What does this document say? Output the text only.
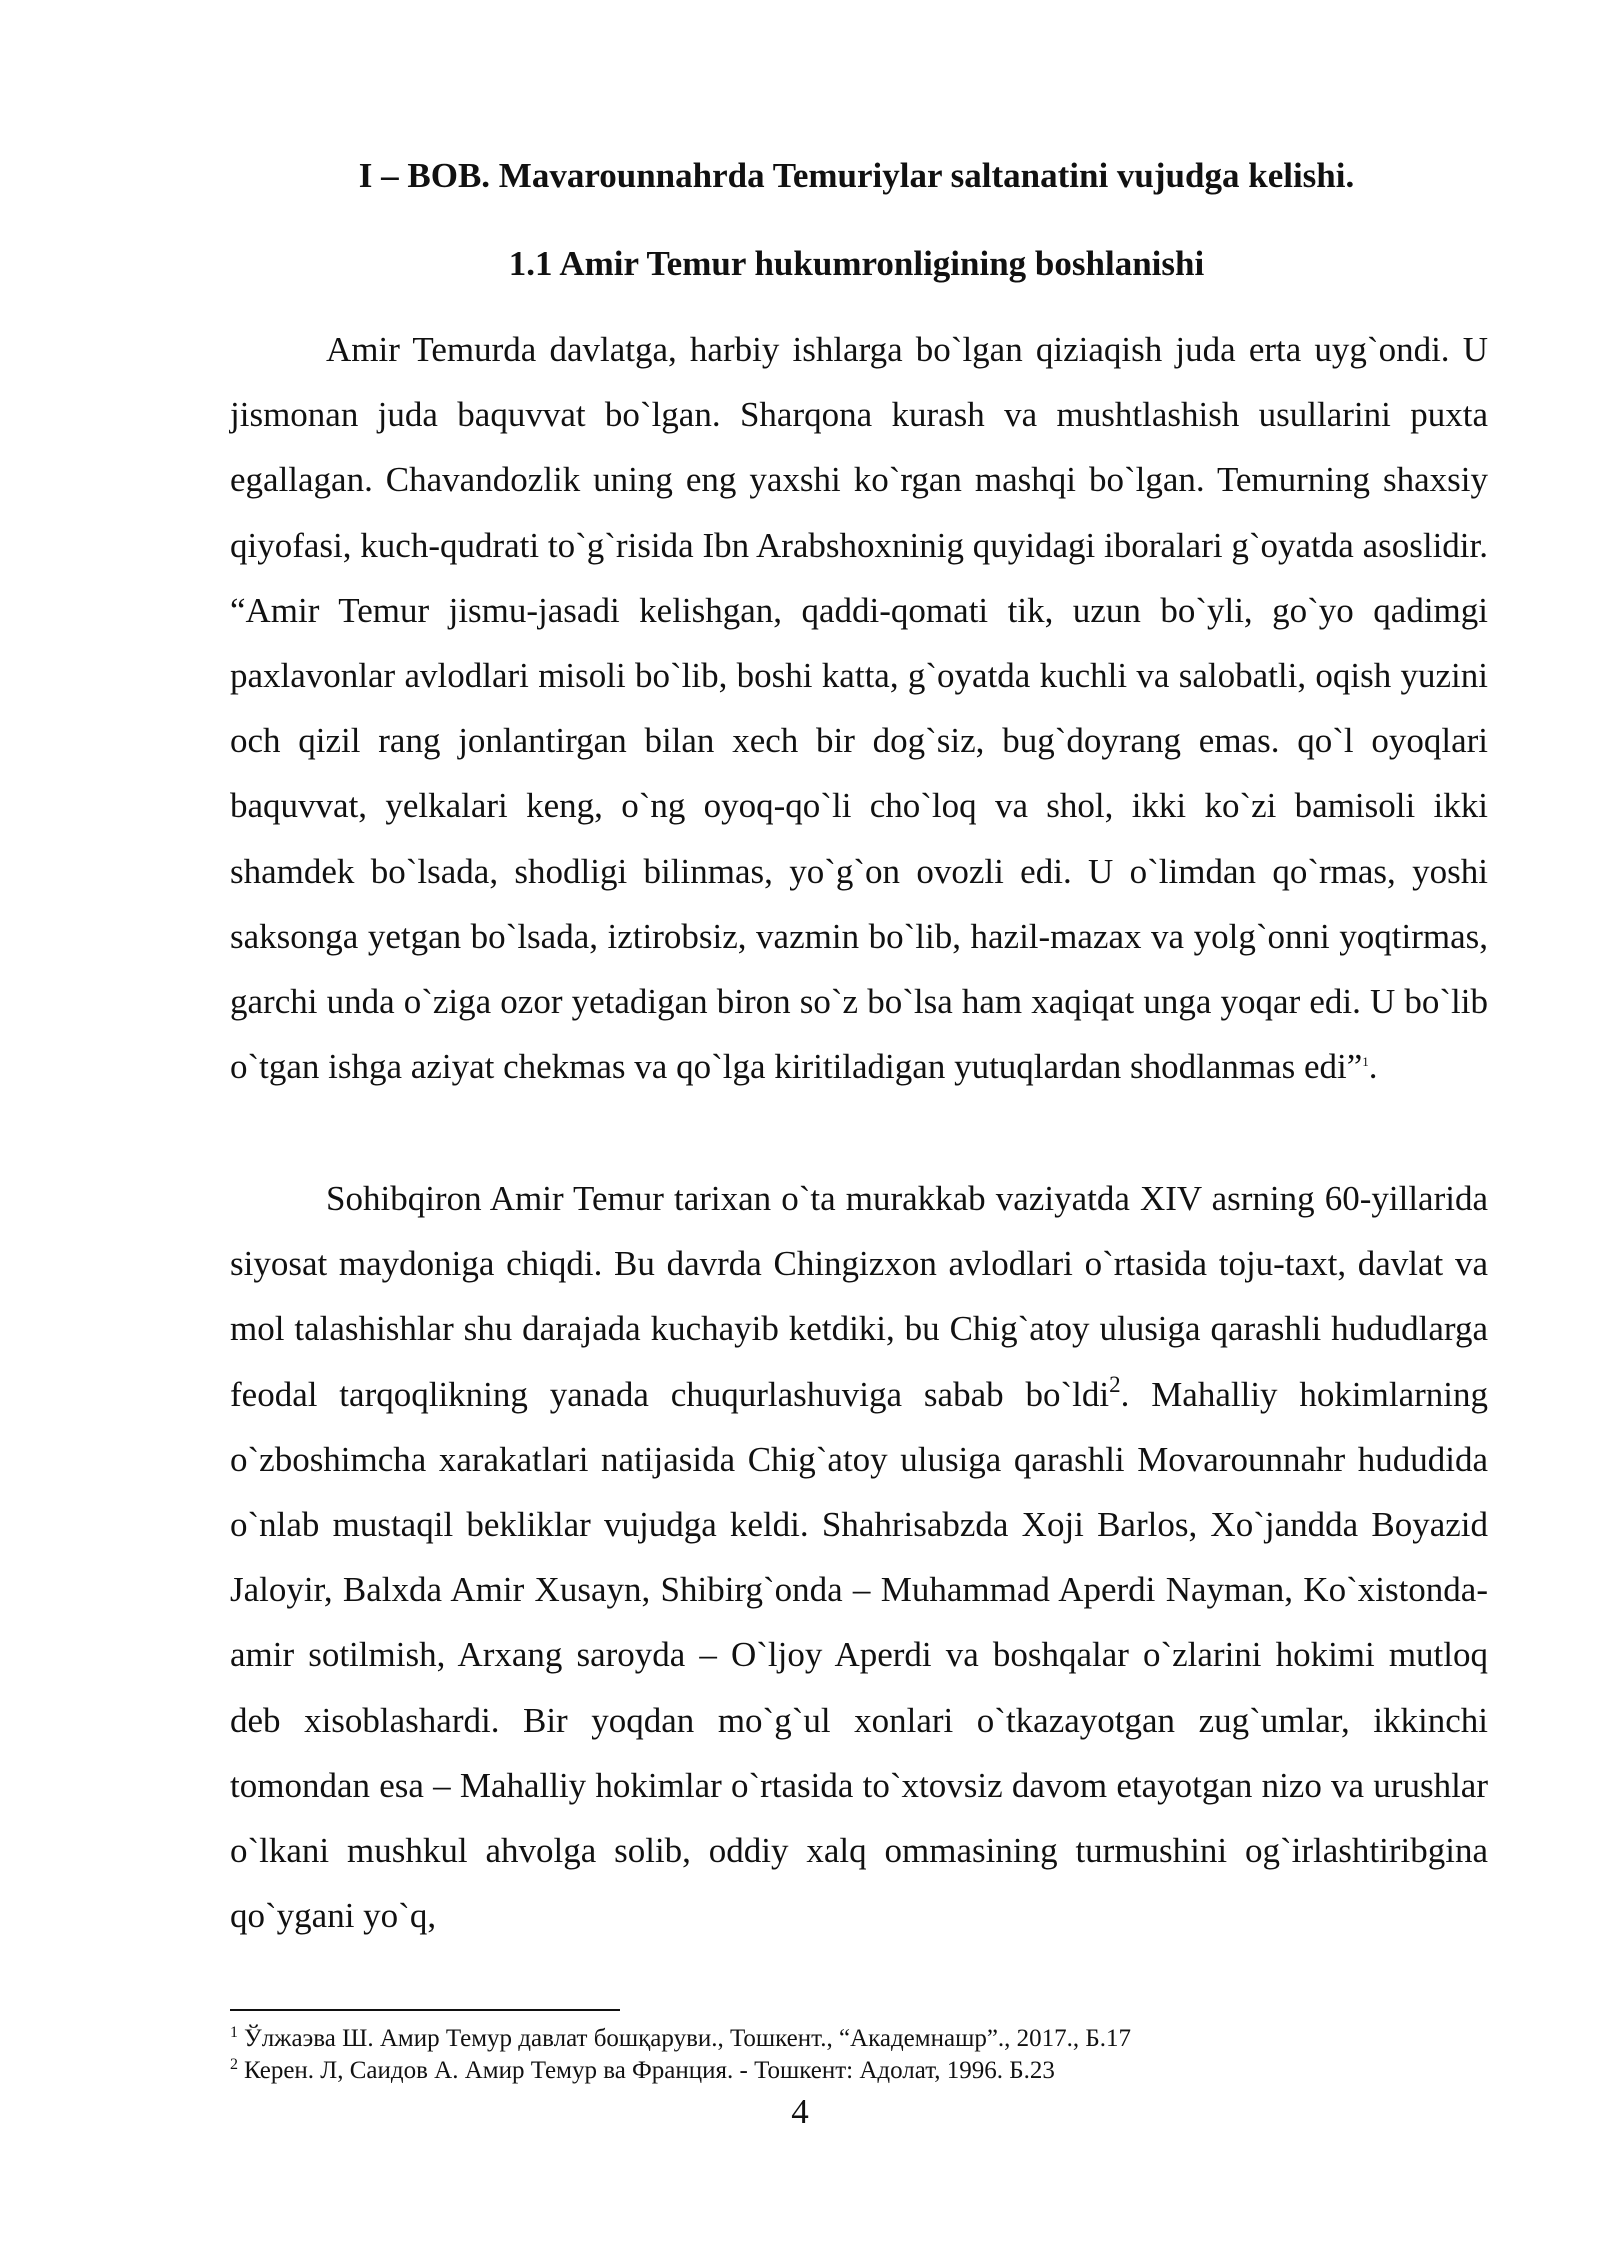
I – BOB. Mavarounnahrda Temuriylar saltanatini vujudga kelishi.
1.1 Amir Temur hukumronligining boshlanishi

Amir Temurda davlatga, harbiy ishlarga bo`lgan qiziaqish juda erta uyg`ondi. U jismonan juda baquvvat bo`lgan. Sharqona kurash va mushtlashish usullarini puxta egallagan. Chavandozlik uning eng yaxshi ko`rgan mashqi bo`lgan. Temurning shaxsiy qiyofasi, kuch-qudrati to`g`risida Ibn Arabshoxninig quyidagi iboralari g`oyatda asoslidir. “Amir Temur jismu-jasadi kelishgan, qaddi-qomati tik, uzun bo`yli, go`yo qadimgi paxlavonlar avlodlari misoli bo`lib, boshi katta, g`oyatda kuchli va salobatli, oqish yuzini och qizil rang jonlantirgan bilan xech bir dog`siz, bug`doyrang emas. qo`l oyoqlari baquvvat, yelkalari keng, o`ng oyoq-qo`li cho`loq va shol, ikki ko`zi bamisoli ikki shamdek bo`lsada, shodligi bilinmas, yo`g`on ovozli edi. U o`limdan qo`rmas, yoshi saksonga yetgan bo`lsada, iztirobsiz, vazmin bo`lib, hazil-mazax va yolg`onni yoqtirmas, garchi unda o`ziga ozor yetadigan biron so`z bo`lsa ham xaqiqat unga yoqar edi. U bo`lib o`tgan ishga aziyat chekmas va qo`lga kiritiladigan yutuqlardan shodlanmas edi”$^1$.

Sohibqiron Amir Temur tarixan o`ta murakkab vaziyatda XIV asrning 60-yillarida siyosat maydoniga chiqdi. Bu davrda Chingizxon avlodlari o`rtasida toju-taxt, davlat va mol talashishlar shu darajada kuchayib ketdiki, bu Chig`atoy ulusiga qarashli hududlarga feodal tarqoqlikning yanada chuqurlashuviga sabab bo`ldi$^2$. Mahalliy hokimlarning o`zboshimcha xarakatlari natijasida Chig`atoy ulusiga qarashli Movarounnahr hududida o`nlab mustaqil bekliklar vujudga keldi. Shahrisabzda Xoji Barlos, Xo`jandda Boyazid Jaloyir, Balxda Amir Xusayn, Shibirg`onda – Muhammad Aperdi Nayman, Ko`xistonda-amir sotilmish, Arxang saroyda – O`ljoy Aperdi va boshqalar o`zlarini hokimi mutloq deb xisoblashardi. Bir yoqdan mo`g`ul xonlari o`tkazayotgan zug`umlar, ikkinchi tomondan esa – Mahalliy hokimlar o`rtasida to`xtovsiz davom etayotgan nizo va urushlar o`lkani mushkul ahvolga solib, oddiy xalq ommasining turmushini og`irlashtiribgina qo`ygani yo`q,

$^1$ Ўлжаэва Ш. Амир Темур давлат бошқаруви., Тошкент., “Академнашр”., 2017., Б.17

$^2$ Керен. Л, Саидов А. Амир Темур ва Франция. - Тошкент: Адолат, 1996. Б.23

4
